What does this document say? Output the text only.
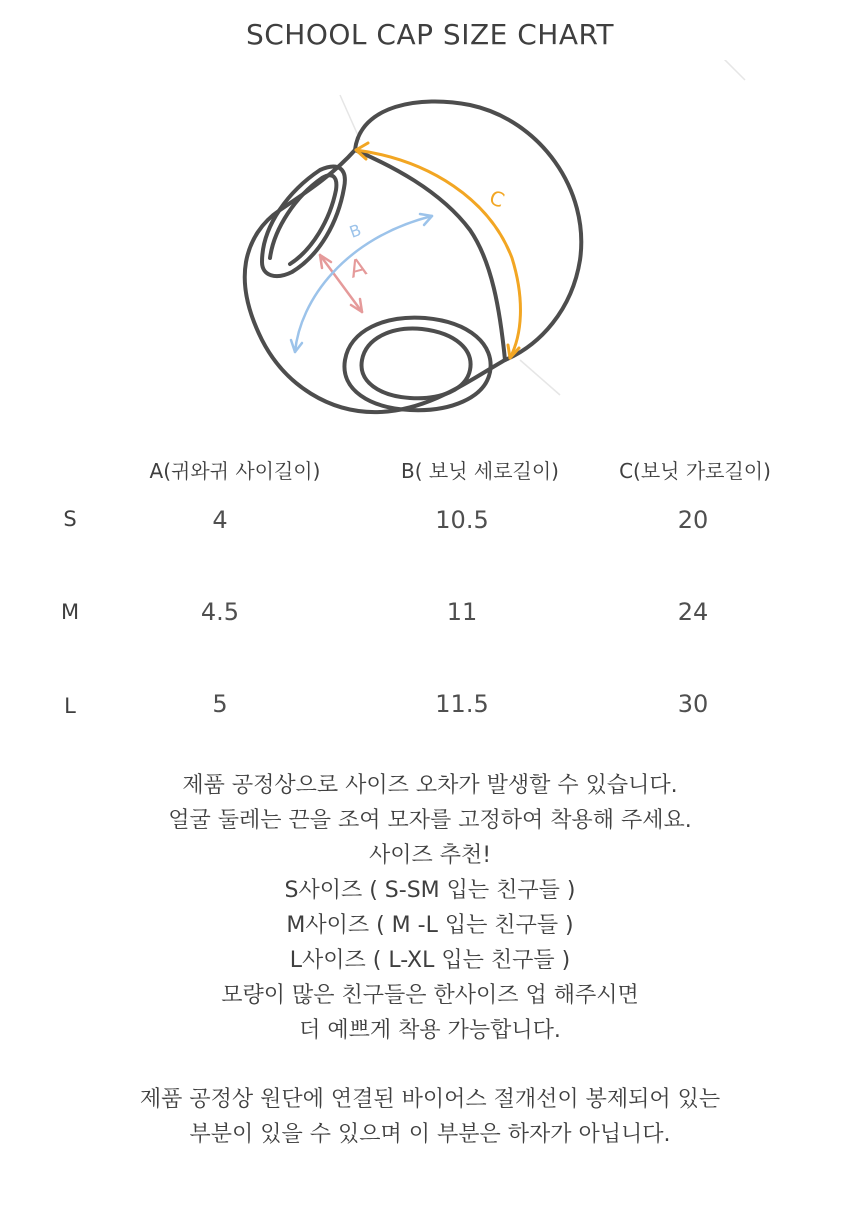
SCHOOL CAP SIZE CHART
A
B
C
A(귀와귀 사이길이)	B( 보닛 세로길이)	C(보닛 가로길이)
S	4	10.5	20
M	4.5	11	24
L	5	11.5	30
제품 공정상으로 사이즈 오차가 발생할 수 있습니다.
얼굴 둘레는 끈을 조여 모자를 고정하여 착용해 주세요.
사이즈 추천!
S사이즈 ( S-SM 입는 친구들 )
M사이즈 ( M -L 입는 친구들 )
L사이즈 ( L-XL 입는 친구들 )
모량이 많은 친구들은 한사이즈 업 해주시면
더 예쁘게 착용 가능합니다.
제품 공정상 원단에 연결된 바이어스 절개선이 봉제되어 있는
부분이 있을 수 있으며 이 부분은 하자가 아닙니다.
